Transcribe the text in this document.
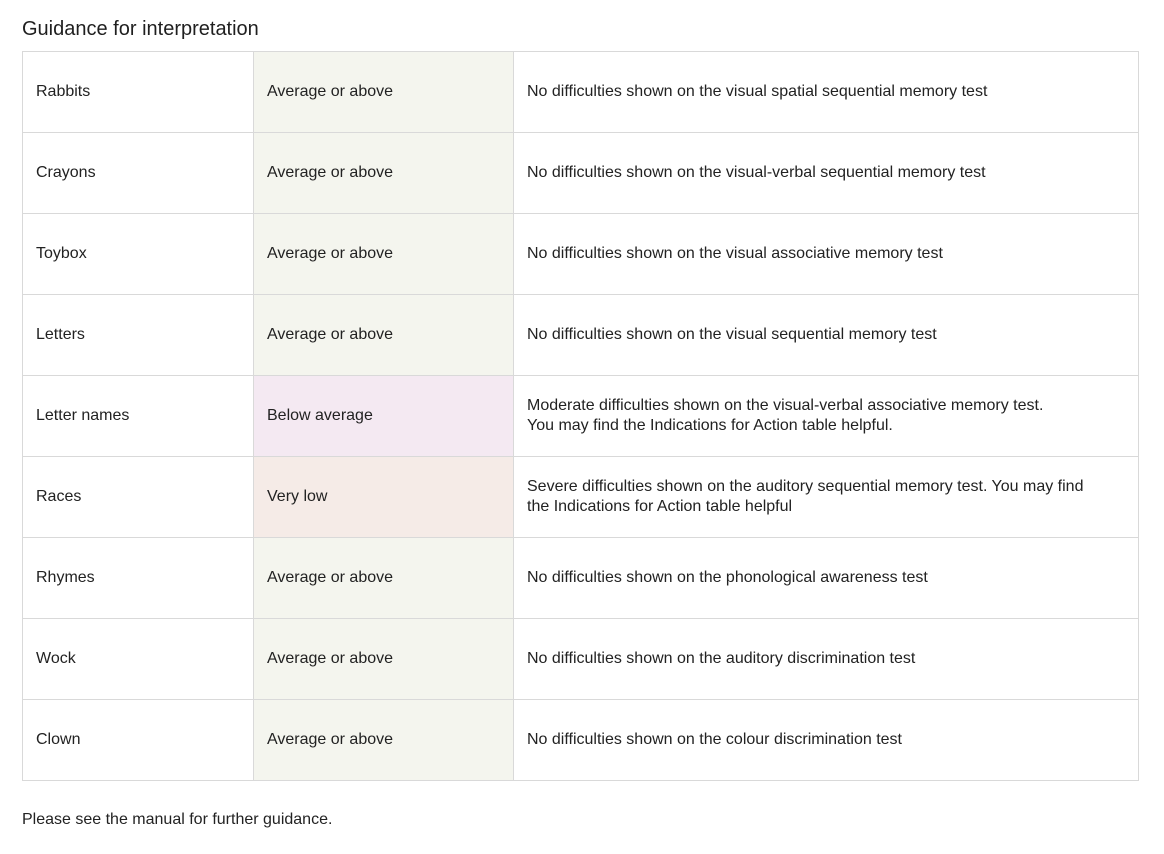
Guidance for interpretation
Rabbits	Average or above	No difficulties shown on the visual spatial sequential memory test

Crayons	Average or above	No difficulties shown on the visual-verbal sequential memory test

Toybox	Average or above	No difficulties shown on the visual associative memory test

Letters	Average or above	No difficulties shown on the visual sequential memory test

Letter names	Below average	Moderate difficulties shown on the visual-verbal associative memory test.
You may find the Indications for Action table helpful.

Races	Very low	Severe difficulties shown on the auditory sequential memory test. You may find
the Indications for Action table helpful

Rhymes	Average or above	No difficulties shown on the phonological awareness test

Wock	Average or above	No difficulties shown on the auditory discrimination test

Clown	Average or above	No difficulties shown on the colour discrimination test

Please see the manual for further guidance.
